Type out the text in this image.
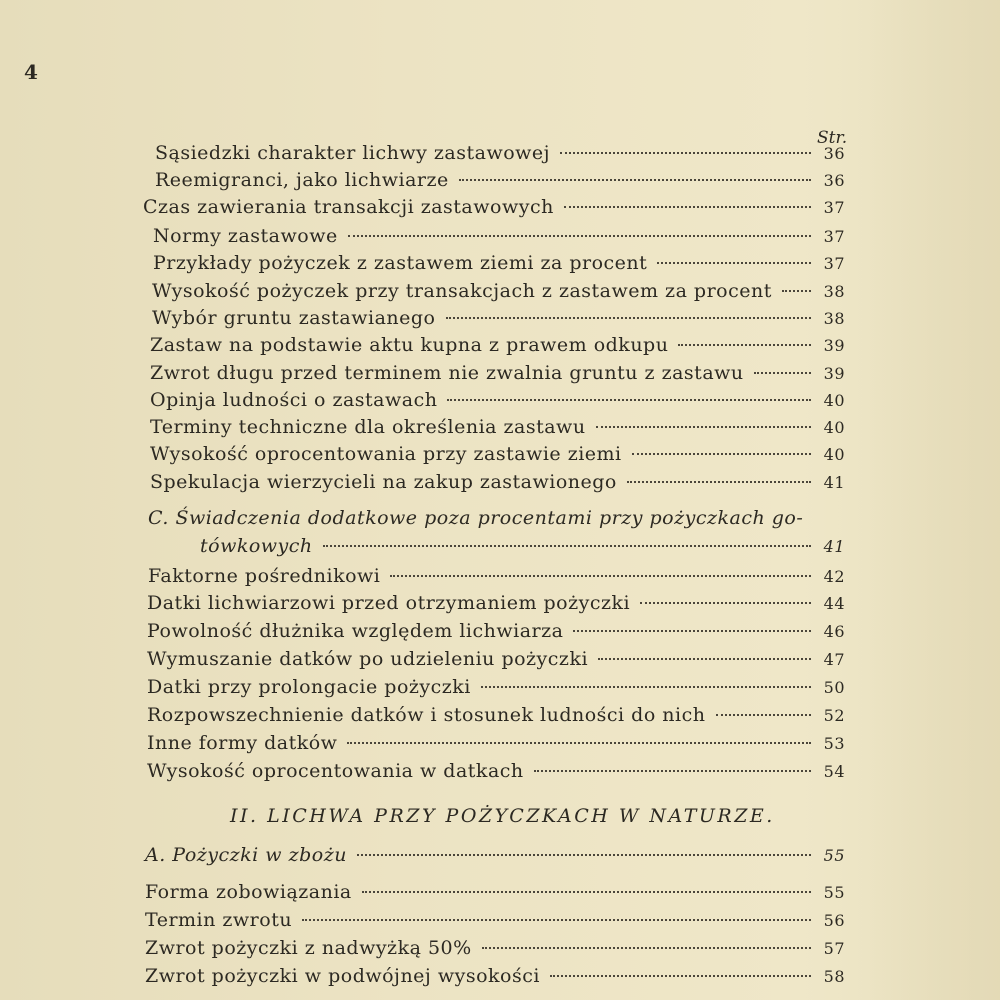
4
Str.
Sąsiedzki charakter lichwy zastawowej	36
Reemigranci, jako lichwiarze	36
Czas zawierania transakcji zastawowych	37
Normy zastawowe	37
Przykłady pożyczek z zastawem ziemi za procent	37
Wysokość pożyczek przy transakcjach z zastawem za procent	38
Wybór gruntu zastawianego	38
Zastaw na podstawie aktu kupna z prawem odkupu	39
Zwrot długu przed terminem nie zwalnia gruntu z zastawu	39
Opinja ludności o zastawach	40
Terminy techniczne dla określenia zastawu	40
Wysokość oprocentowania przy zastawie ziemi	40
Spekulacja wierzycieli na zakup zastawionego	41
C. Świadczenia dodatkowe poza procentami przy pożyczkach go-
tówkowych	41
Faktorne pośrednikowi	42
Datki lichwiarzowi przed otrzymaniem pożyczki	44
Powolność dłużnika względem lichwiarza	46
Wymuszanie datków po udzieleniu pożyczki	47
Datki przy prolongacie pożyczki	50
Rozpowszechnienie datków i stosunek ludności do nich	52
Inne formy datków	53
Wysokość oprocentowania w datkach	54
II. LICHWA PRZY POŻYCZKACH W NATURZE.
A. Pożyczki w zbożu	55
Forma zobowiązania	55
Termin zwrotu	56
Zwrot pożyczki z nadwyżką 50%	57
Zwrot pożyczki w podwójnej wysokości	58
